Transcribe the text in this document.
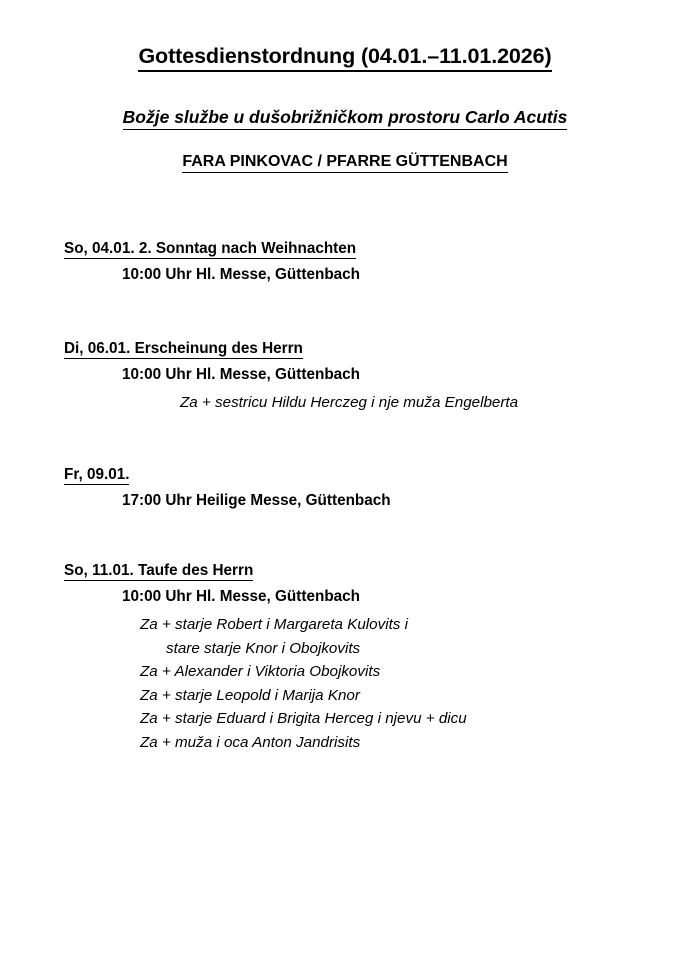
Gottesdienstordnung (04.01.–11.01.2026)
Božje službe u dušobrižničkom prostoru Carlo Acutis
FARA PINKOVAC / PFARRE GÜTTENBACH
So, 04.01. 2. Sonntag nach Weihnachten
10:00 Uhr Hl. Messe, Güttenbach
Di, 06.01. Erscheinung des Herrn
10:00 Uhr Hl. Messe, Güttenbach
Za + sestricu Hildu Herczeg i nje muža Engelberta
Fr, 09.01.
17:00 Uhr Heilige Messe, Güttenbach
So, 11.01. Taufe des Herrn
10:00 Uhr Hl. Messe, Güttenbach
Za + starje Robert i Margareta Kulovits i
stare starje Knor i Obojkovits
Za + Alexander i Viktoria Obojkovits
Za + starje Leopold i Marija Knor
Za + starje Eduard i Brigita Herceg i njevu + dicu
Za + muža i oca Anton Jandrisits
